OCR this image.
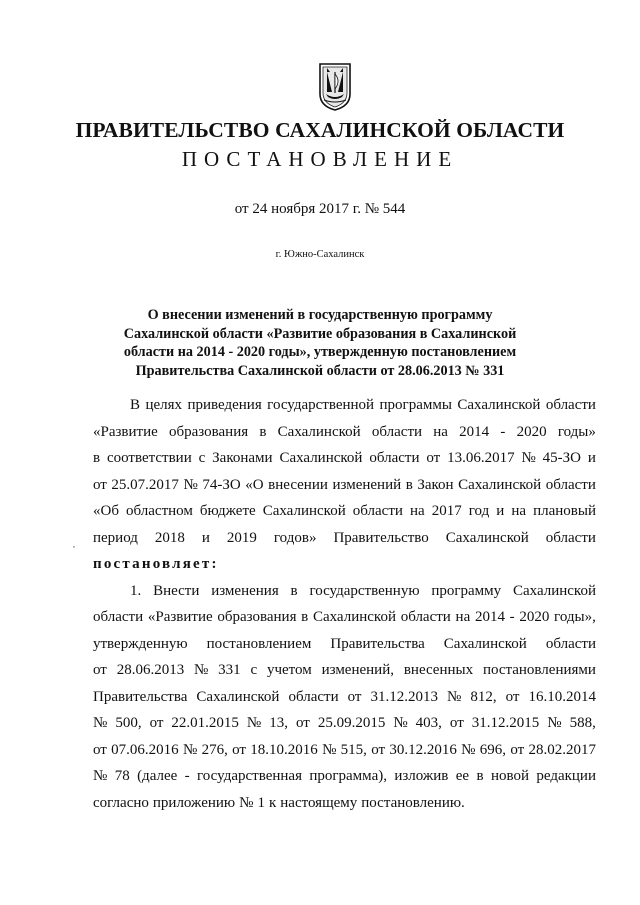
ПРАВИТЕЛЬСТВО САХАЛИНСКОЙ ОБЛАСТИ
ПОСТАНОВЛЕНИЕ
от 24 ноября 2017 г. № 544
г. Южно-Сахалинск
О внесении изменений в государственную программу
Сахалинской области «Развитие образования в Сахалинской
области на 2014 - 2020 годы», утвержденную постановлением
Правительства Сахалинской области от 28.06.2013 № 331
В целях приведения государственной программы Сахалинской области
«Развитие образования в Сахалинской области на 2014 - 2020 годы»
в соответствии с Законами Сахалинской области от 13.06.2017 № 45-ЗО и
от 25.07.2017 № 74-ЗО «О внесении изменений в Закон Сахалинской области
«Об областном бюджете Сахалинской области на 2017 год и на плановый
период 2018 и 2019 годов» Правительство Сахалинской области
постановляет:
1. Внести изменения в государственную программу Сахалинской
области «Развитие образования в Сахалинской области на 2014 - 2020 годы»,
утвержденную постановлением Правительства Сахалинской области
от 28.06.2013 № 331 с учетом изменений, внесенных постановлениями
Правительства Сахалинской области от 31.12.2013 № 812, от 16.10.2014
№ 500, от 22.01.2015 № 13, от 25.09.2015 № 403, от 31.12.2015 № 588,
от 07.06.2016 № 276, от 18.10.2016 № 515, от 30.12.2016 № 696, от 28.02.2017
№ 78 (далее - государственная программа), изложив ее в новой редакции
согласно приложению № 1 к настоящему постановлению.
,
